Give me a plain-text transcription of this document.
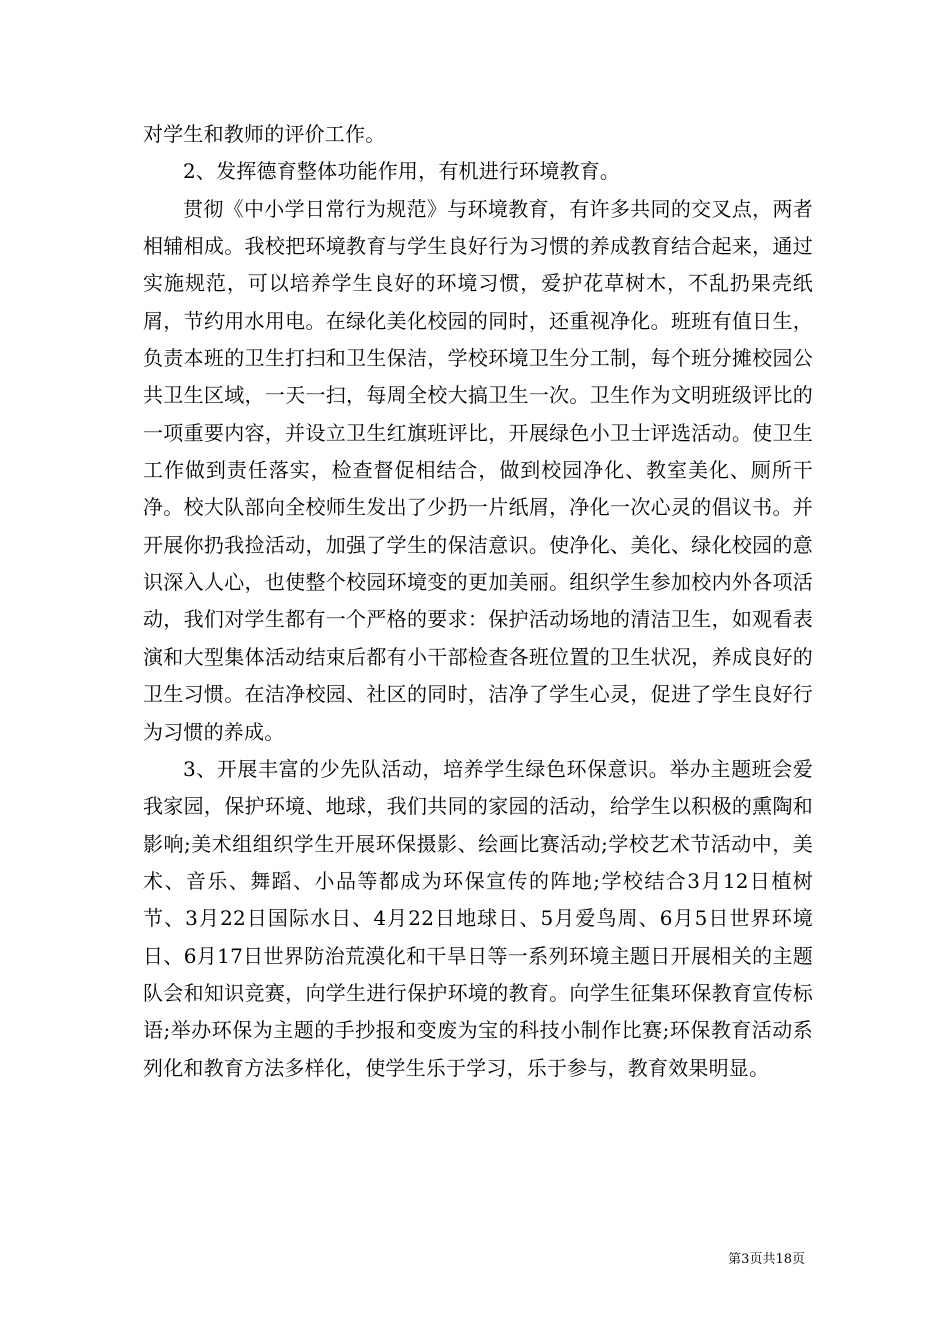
对学生和教师的评价工作。

2、发挥德育整体功能作用，有机进行环境教育。

贯彻《中小学日常行为规范》与环境教育，有许多共同的交叉点，两者相辅相成。我校把环境教育与学生良好行为习惯的养成教育结合起来，通过实施规范，可以培养学生良好的环境习惯，爱护花草树木，不乱扔果壳纸屑，节约用水用电。在绿化美化校园的同时，还重视净化。班班有值日生，负责本班的卫生打扫和卫生保洁，学校环境卫生分工制，每个班分摊校园公共卫生区域，一天一扫，每周全校大搞卫生一次。卫生作为文明班级评比的一项重要内容，并设立卫生红旗班评比，开展绿色小卫士评选活动。使卫生工作做到责任落实，检查督促相结合，做到校园净化、教室美化、厕所干净。校大队部向全校师生发出了少扔一片纸屑，净化一次心灵的倡议书。并开展你扔我捡活动，加强了学生的保洁意识。使净化、美化、绿化校园的意识深入人心，也使整个校园环境变的更加美丽。组织学生参加校内外各项活动，我们对学生都有一个严格的要求：保护活动场地的清洁卫生，如观看表演和大型集体活动结束后都有小干部检查各班位置的卫生状况，养成良好的卫生习惯。在洁净校园、社区的同时，洁净了学生心灵，促进了学生良好行为习惯的养成。

3、开展丰富的少先队活动，培养学生绿色环保意识。举办主题班会爱我家园，保护环境、地球，我们共同的家园的活动，给学生以积极的熏陶和影响;美术组组织学生开展环保摄影、绘画比赛活动;学校艺术节活动中，美术、音乐、舞蹈、小品等都成为环保宣传的阵地;学校结合3月12日植树节、3月22日国际水日、4月22日地球日、5月爱鸟周、6月5日世界环境日、6月17日世界防治荒漠化和干旱日等一系列环境主题日开展相关的主题队会和知识竞赛，向学生进行保护环境的教育。向学生征集环保教育宣传标语;举办环保为主题的手抄报和变废为宝的科技小制作比赛;环保教育活动系列化和教育方法多样化，使学生乐于学习，乐于参与，教育效果明显。

第3页共18页
